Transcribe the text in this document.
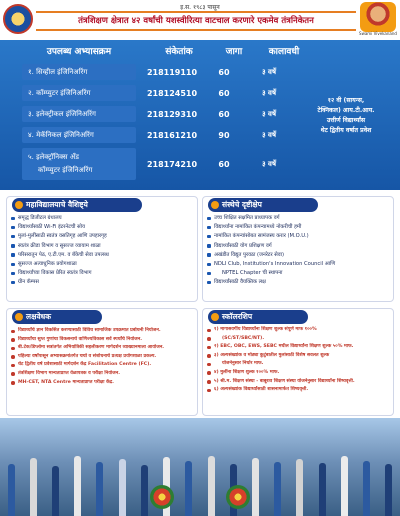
इ.स. १९८३ पासून
तंत्रशिक्षण क्षेत्रात ४२ वर्षांची यशस्वीरित्या वाटचाल करणारे एकमेव तंत्रनिकेतन
Swami Vivekanand
उपलब्ध अभ्यासक्रम	संकेतांक	जागा	कालावधी
१. सिव्हील इंजिनिअरिंग	218119110	60	३ वर्षे
२. कॉम्प्युटर इंजिनिअरिंग	218124510	60	३ वर्षे
३. इलेक्ट्रीकल इंजिनिअरिंग	218129310	60	३ वर्षे
४. मेकॅनिकल इंजिनिअरिंग	218161210	90	३ वर्षे
५. इलेक्ट्रॉनिक्स अँड
कॉम्प्युटर इंजिनिअरिंग
218174210	60	३ वर्षे
१२ वी (सायन्स,
टेक्निकल) आय.टी.आय.
उत्तीर्ण विद्यार्थ्यांस
थेट द्वितीय वर्षात प्रवेश
महाविद्यालयाचे वैशिष्ट्ये
समृद्ध डिजीटल ग्रंथालय
विद्यार्थ्यांसाठी Wi-Fi इंटरनेटची सोय
मुलां-मुलींसाठी स्वतंत्र वसतिगृह आणि उपहारगृह
स्वतंत्र क्रीडा विभाग व सुसज्ज व्यायाम शाळा
परिसरातून पेठ, ए.टी.एम. व बँकेची सेवा उपलब्ध
सुसज्ज अत्याधुनिक प्रयोगशाळा
विद्यार्थ्यांच्या विकास प्रेरित स्वतंत्र विभाग
ग्रीन कॅम्पस
संस्थेचे दृष्टीक्षेप
उच्च शिक्षित सक्षमित प्राध्यापक वर्ग
विद्यार्थ्यांना नामांकित कंपन्यामध्ये नोकरीची हमी
नामांकित कंपन्यांसोबत सामंजस्य करार (M.O.U.)
विद्यार्थ्यांसाठी योग प्रशिक्षण वर्ग
अखंडीत विद्युत पुरवठा (जनरेटर सेवा)
NDLI Club, Institution's Innovation Council आणि
NPTEL Chapter ची स्थापना
विद्यार्थ्यांसाठी वैयक्तिक लक्ष
लक्षवेधक
विद्यार्थ्यांचे ज्ञान विकसित करण्यासाठी विविध सामाजिक उपक्रमात प्रबोधनी नियोजन.
विद्यार्थ्यांचा सुप्त गुणांचा विकसनार्थ वाणिज्यविकास सर्व स्पर्धांचे नियोजन.
बी.टेक/डिप्लोमा सत्रांतर्गत अभियांत्रिकी सहलीकरण मार्गदर्शन व्याख्यानमाला आयोजन.
पहिल्या वर्षांपासून अभ्यासक्रमांतर्गत चर्चा व संशोधनाचे प्रत्यक्ष प्रयोगशाळा प्रकल्प.
थेट द्वितीय वर्ष प्रवेशासाठी मार्गदर्शन केंद्र Facilitation Centre (FC).
तंत्रशिक्षण विभाग मान्यताप्राप्त वेळापत्रक व परीक्षा नियोजन.
MH-CET, NTA Centre मान्यताप्राप्त परीक्षा केंद्र.
स्कॉलरशिप
१) मागासवर्गीय विद्यार्थ्यांना शिक्षण शुल्क संपूर्ण माफ १००%
(SC/ST/SBC/NT).
२) EBC, OBC, EWS, SEBC मधील विद्यार्थ्यांना शिक्षण शुल्क ५०% माफ.
३) अल्पसंख्यांक व मोठ्या कुटुंबातील मुलांसाठी विशेष सवलत शुल्क
योजनेनुसार निर्धार माफ.
४) मुलींना शिक्षण शुल्क १००% माफ.
५) श्री.म. शिक्षण संस्था - बाबूराव शिक्षण संस्था योजनेनुसार विद्यार्थ्यांना शिष्यवृत्ती.
६) अल्पसंख्यांक विद्यार्थ्यांसाठी शासनामार्फत शिष्यवृत्ती.
